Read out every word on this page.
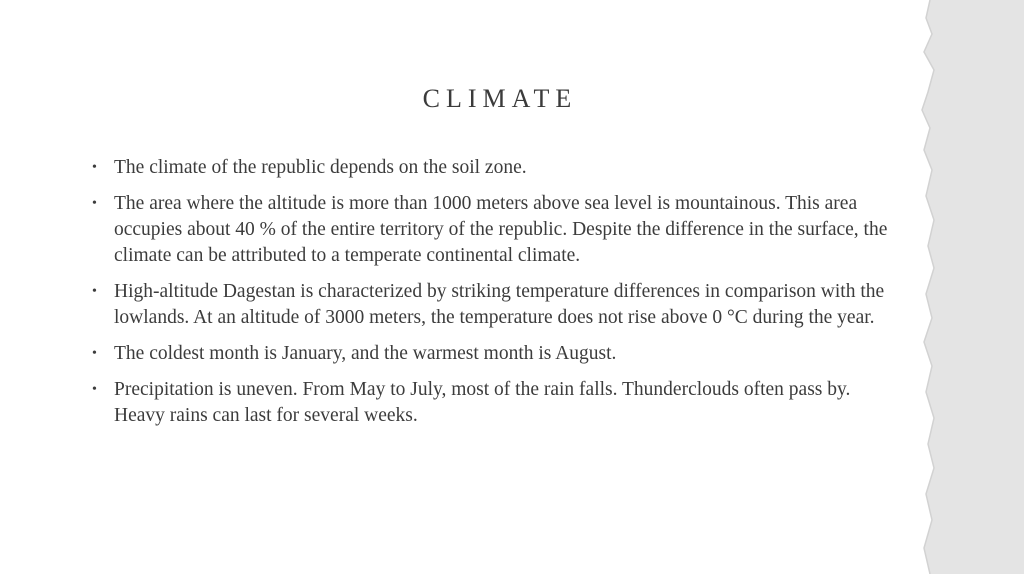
CLIMATE
• The climate of the republic depends on the soil zone.
• The area where the altitude is more than 1000 meters above sea level is mountainous. This area occupies about 40 % of the entire territory of the republic. Despite the difference in the surface, the climate can be attributed to a temperate continental climate.
• High-altitude Dagestan is characterized by striking temperature differences in comparison with the lowlands. At an altitude of 3000 meters, the temperature does not rise above 0 °C during the year.
• The coldest month is January, and the warmest month is August.
• Precipitation is uneven. From May to July, most of the rain falls. Thunderclouds often pass by. Heavy rains can last for several weeks.
